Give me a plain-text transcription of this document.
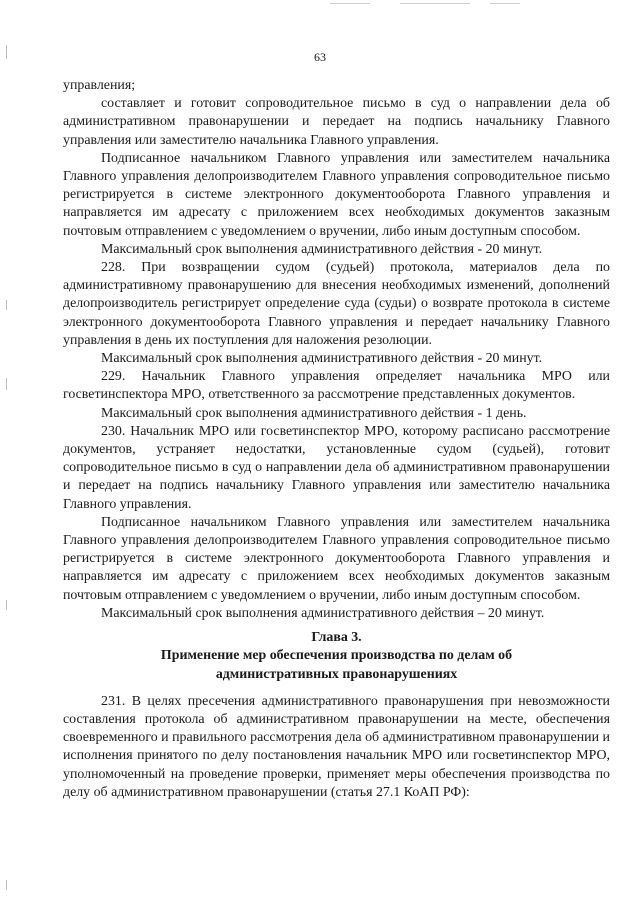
63

управления;

составляет и готовит сопроводительное письмо в суд о направлении дела об административном правонарушении и передает на подпись начальнику Главного управления или заместителю начальника Главного управления.

Подписанное начальником Главного управления или заместителем начальника Главного управления делопроизводителем Главного управления сопроводительное письмо регистрируется в системе электронного документооборота Главного управления и направляется им адресату с приложением всех необходимых документов заказным почтовым отправлением с уведомлением о вручении, либо иным доступным способом.

Максимальный срок выполнения административного действия - 20 минут.

228. При возвращении судом (судьей) протокола, материалов дела по административному правонарушению для внесения необходимых изменений, дополнений делопроизводитель регистрирует определение суда (судьи) о возврате протокола в системе электронного документооборота Главного управления и передает начальнику Главного управления в день их поступления для наложения резолюции.

Максимальный срок выполнения административного действия - 20 минут.

229. Начальник Главного управления определяет начальника МРО или госветинспектора МРО, ответственного за рассмотрение представленных документов.

Максимальный срок выполнения административного действия - 1 день.

230. Начальник МРО или госветинспектор МРО, которому расписано рассмотрение документов, устраняет недостатки, установленные судом (судьей), готовит сопроводительное письмо в суд о направлении дела об административном правонарушении и передает на подпись начальнику Главного управления или заместителю начальника Главного управления.

Подписанное начальником Главного управления или заместителем начальника Главного управления делопроизводителем Главного управления сопроводительное письмо регистрируется в системе электронного документооборота Главного управления и направляется им адресату с приложением всех необходимых документов заказным почтовым отправлением с уведомлением о вручении, либо иным доступным способом.

Максимальный срок выполнения административного действия – 20 минут.

Глава 3.
Применение мер обеспечения производства по делам об
административных правонарушениях

231. В целях пресечения административного правонарушения при невозможности составления протокола об административном правонарушении на месте, обеспечения своевременного и правильного рассмотрения дела об административном правонарушении и исполнения принятого по делу постановления начальник МРО или госветинспектор МРО, уполномоченный на проведение проверки, применяет меры обеспечения производства по делу об административном правонарушении (статья 27.1 КоАП РФ):
